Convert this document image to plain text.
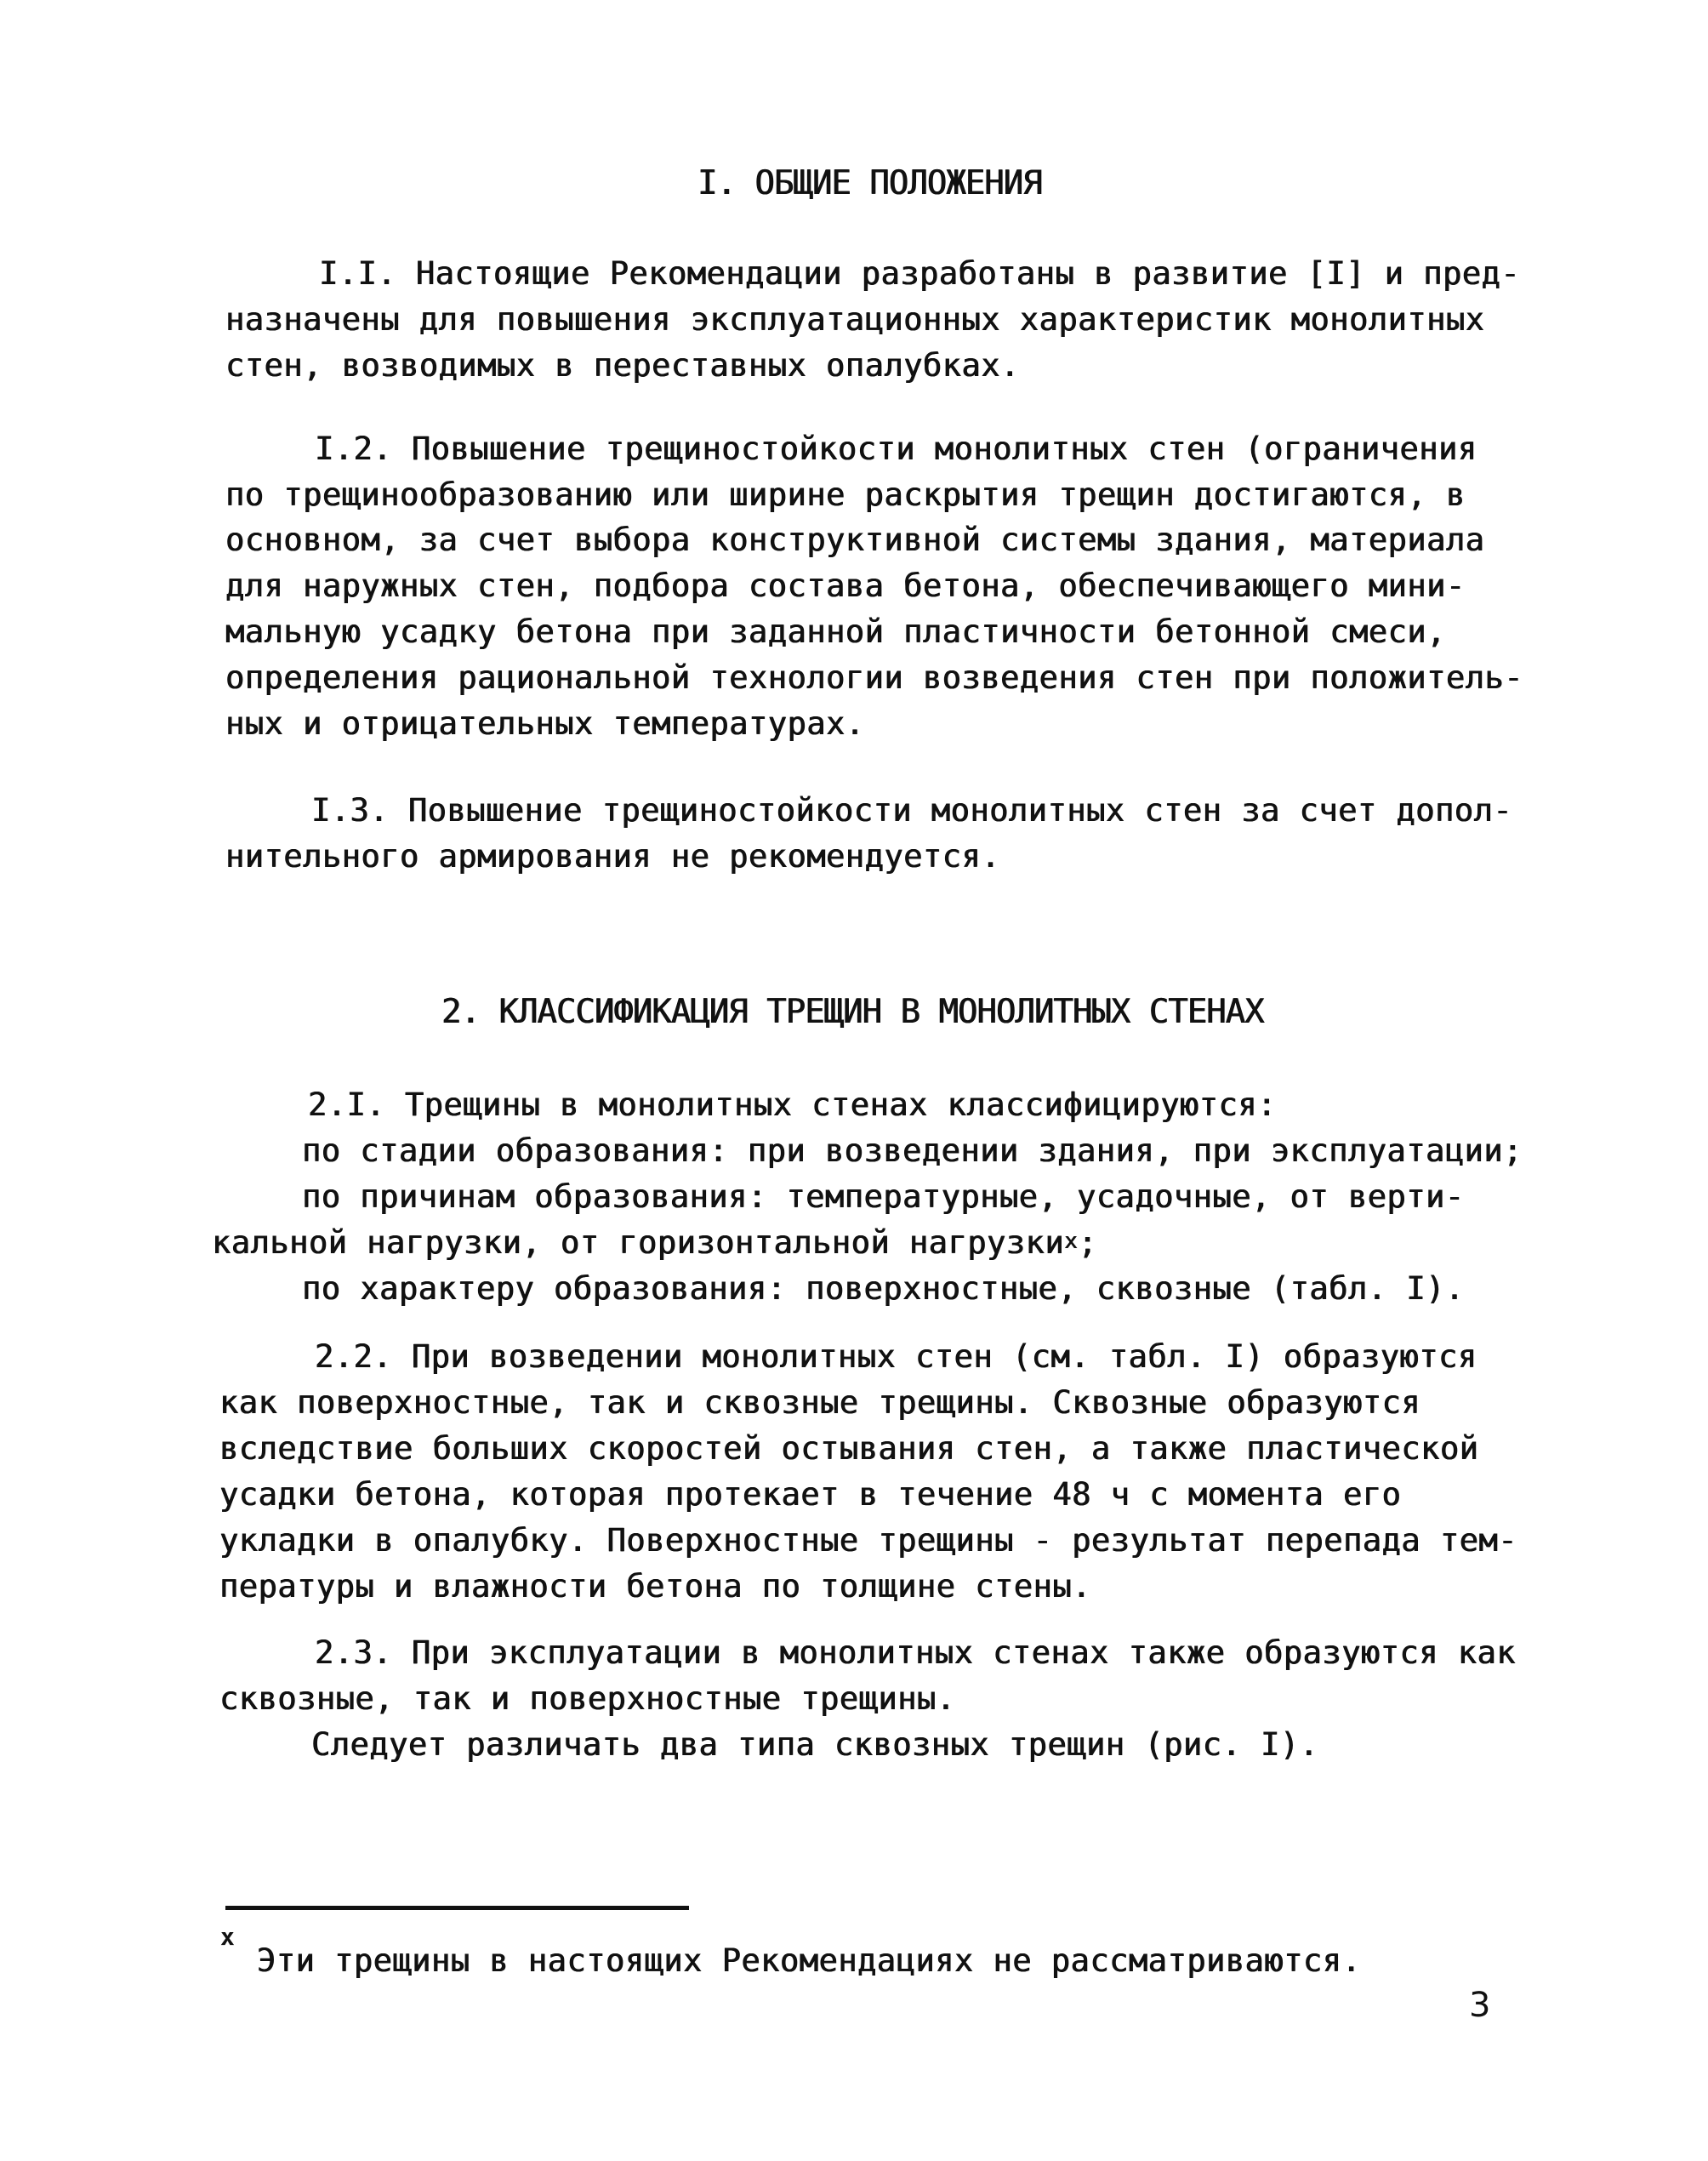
I. ОБЩИЕ ПОЛОЖЕНИЯ
I.I. Настоящие Рекомендации разработаны в развитие [I] и пред-
назначены для повышения эксплуатационных характеристик монолитных
стен, возводимых в переставных опалубках.
I.2. Повышение трещиностойкости монолитных стен (ограничения
по трещинообразованию или ширине раскрытия трещин достигаются, в
основном, за счет выбора конструктивной системы здания, материала
для наружных стен, подбора состава бетона, обеспечивающего мини-
мальную усадку бетона при заданной пластичности бетонной смеси,
определения рациональной технологии возведения стен при положитель-
ных и отрицательных температурах.
I.3. Повышение трещиностойкости монолитных стен за счет допол-
нительного армирования не рекомендуется.
2. КЛАССИФИКАЦИЯ ТРЕЩИН В МОНОЛИТНЫХ СТЕНАХ
2.I. Трещины в монолитных стенах классифицируются:
по стадии образования: при возведении здания, при эксплуатации;
по причинам образования: температурные, усадочные, от верти-
кальной нагрузки, от горизонтальной нагрузки$^x$;
по характеру образования: поверхностные, сквозные (табл. I).
2.2. При возведении монолитных стен (см. табл. I) образуются
как поверхностные, так и сквозные трещины. Сквозные образуются
вследствие больших скоростей остывания стен, а также пластической
усадки бетона, которая протекает в течение 48 ч с момента его
укладки в опалубку. Поверхностные трещины - результат перепада тем-
пературы и влажности бетона по толщине стены.
2.3. При эксплуатации в монолитных стенах также образуются как
сквозные, так и поверхностные трещины.
Следует различать два типа сквозных трещин (рис. I).
x
Эти трещины в настоящих Рекомендациях не рассматриваются.
3
